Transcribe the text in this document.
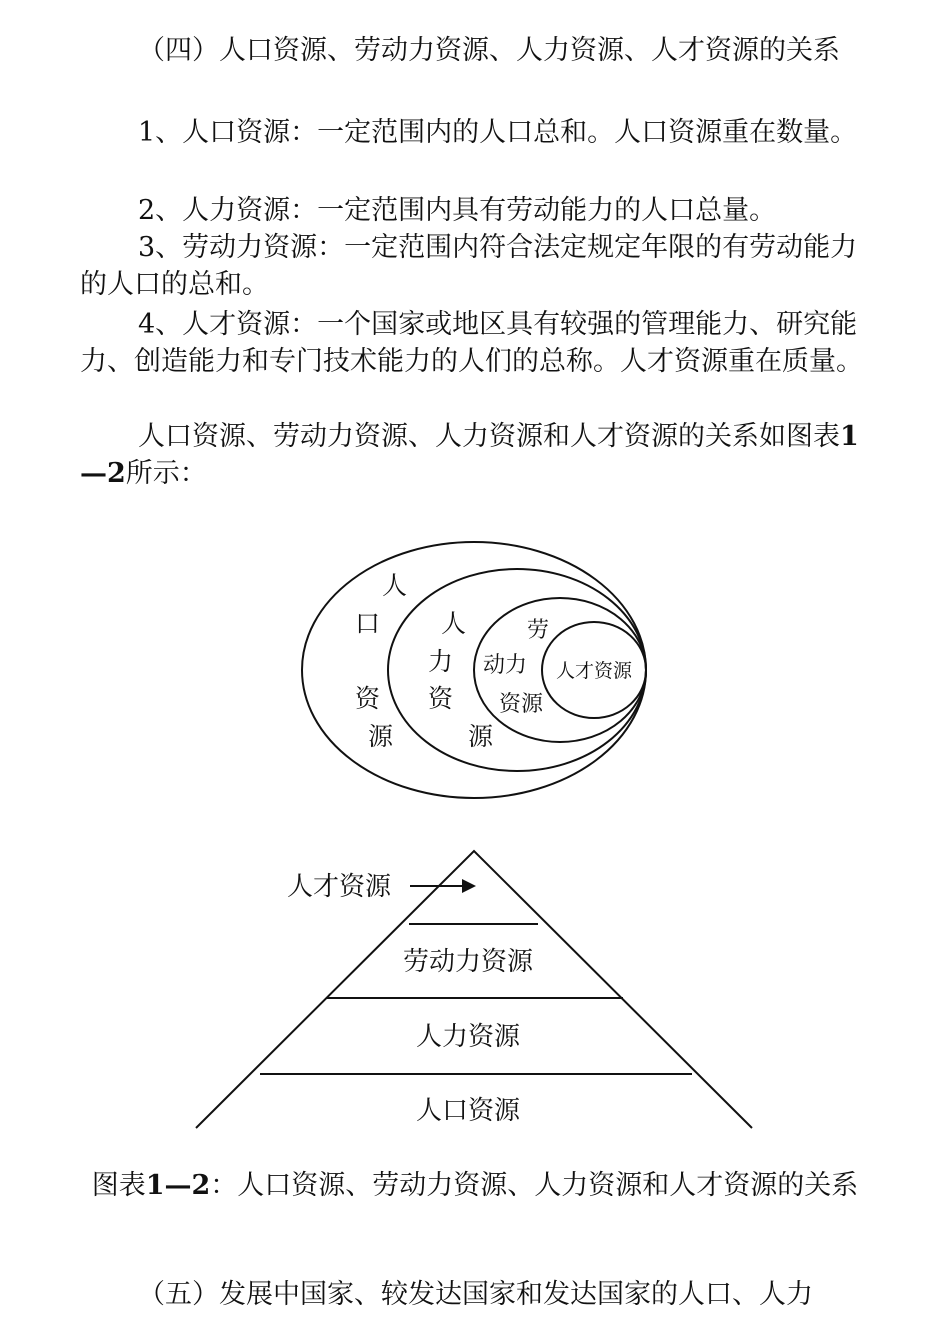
（四）人口资源、劳动力资源、人力资源、人才资源的关系

1、人口资源：一定范围内的人口总和。人口资源重在数量。

2、人力资源：一定范围内具有劳动能力的人口总量。

3、劳动力资源：一定范围内符合法定规定年限的有劳动能力的人口的总和。

4、人才资源：一个国家或地区具有较强的管理能力、研究能力、创造能力和专门技术能力的人们的总称。人才资源重在质量。

人口资源、劳动力资源、人力资源和人才资源的关系如图表1—2所示：

人
口
资
源
人
力
资
源
劳
动力
资源
人才资源
人才资源
劳动力资源
人力资源
人口资源

图表1—2：人口资源、劳动力资源、人力资源和人才资源的关系

（五）发展中国家、较发达国家和发达国家的人口、人力
